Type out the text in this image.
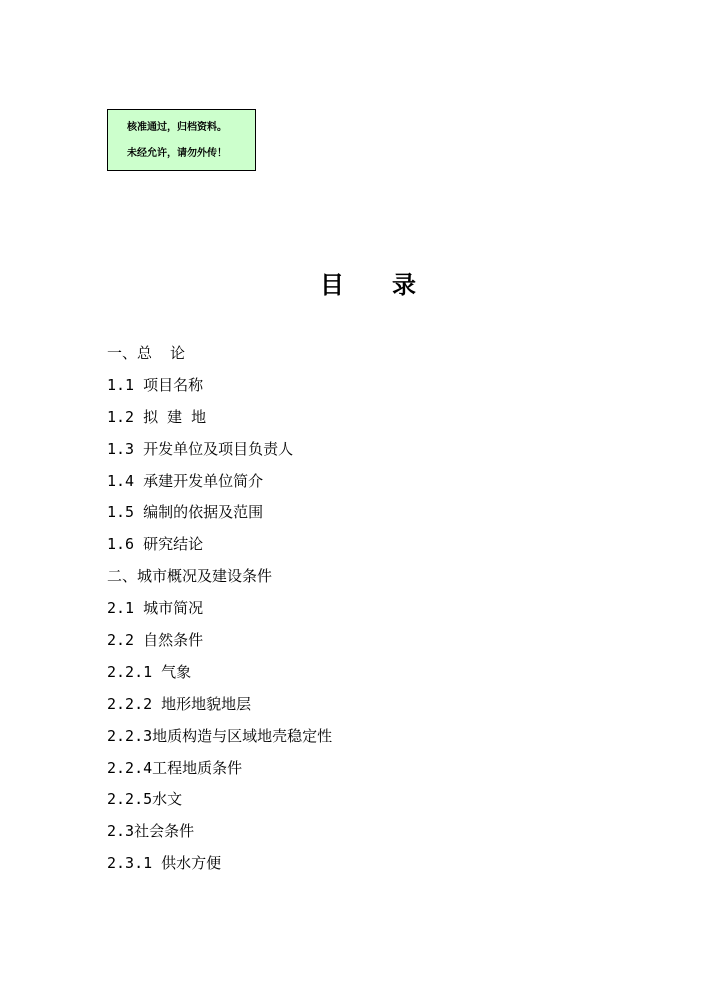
核准通过，归档资料。
未经允许，请勿外传！
目 录
一、总  论
1.1 项目名称
1.2 拟 建 地
1.3 开发单位及项目负责人
1.4 承建开发单位简介
1.5 编制的依据及范围
1.6 研究结论
二、城市概况及建设条件
2.1 城市简况
2.2 自然条件
2.2.1 气象
2.2.2 地形地貌地层
2.2.3地质构造与区域地壳稳定性
2.2.4工程地质条件
2.2.5水文
2.3社会条件
2.3.1 供水方便
